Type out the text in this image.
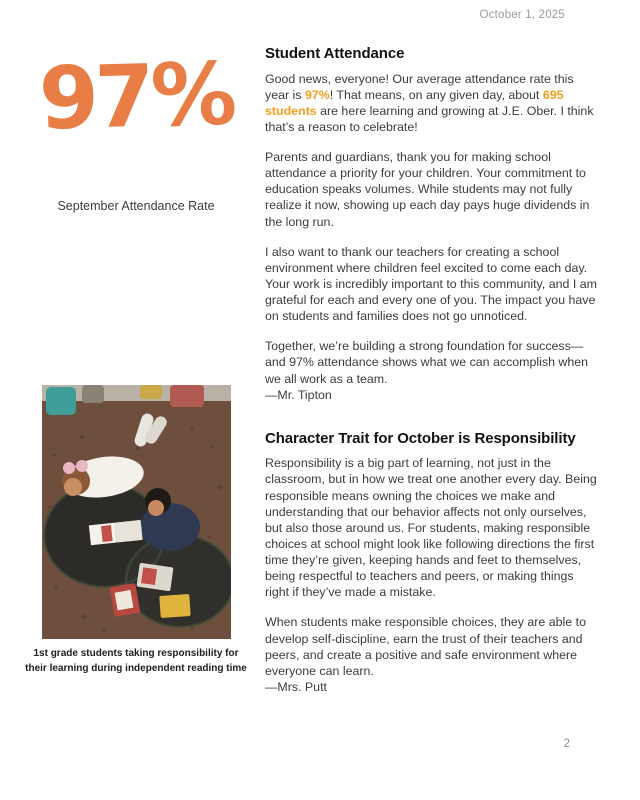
October 1, 2025
97%
September Attendance Rate
1st grade students taking responsibility for their learning during independent reading time
Student Attendance

Good news, everyone! Our average attendance rate this year is 97%! That means, on any given day, about 695 students are here learning and growing at J.E. Ober. I think that’s a reason to celebrate!

Parents and guardians, thank you for making school attendance a priority for your children. Your commitment to education speaks volumes. While students may not fully realize it now, showing up each day pays huge dividends in the long run.

I also want to thank our teachers for creating a school environment where children feel excited to come each day. Your work is incredibly important to this community, and I am grateful for each and every one of you. The impact you have on students and families does not go unnoticed.

Together, we’re building a strong foundation for success—and 97% attendance shows what we can accomplish when we all work as a team.

—Mr. Tipton

Character Trait for October is Responsibility

Responsibility is a big part of learning, not just in the classroom, but in how we treat one another every day. Being responsible means owning the choices we make and understanding that our behavior affects not only ourselves, but also those around us. For students, making responsible choices at school might look like following directions the first time they’re given, keeping hands and feet to themselves, being respectful to teachers and peers, or making things right if they’ve made a mistake.

When students make responsible choices, they are able to develop self-discipline, earn the trust of their teachers and peers, and create a positive and safe environment where everyone can learn.

—Mrs. Putt

2
